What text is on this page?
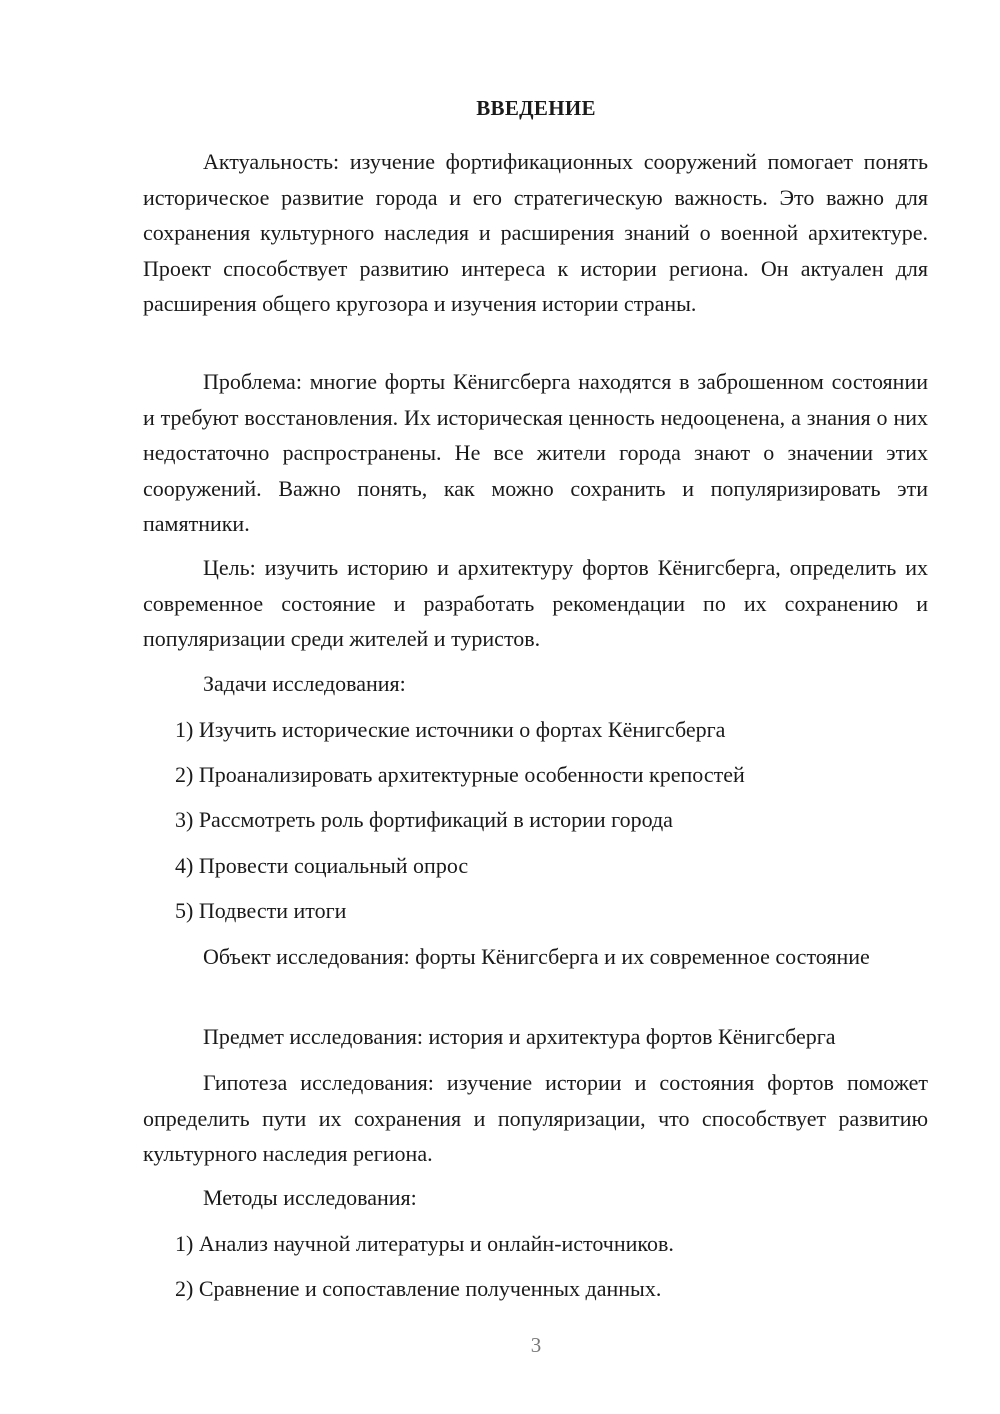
ВВЕДЕНИЕ

Актуальность: изучение фортификационных сооружений помогает понять историческое развитие города и его стратегическую важность. Это важно для сохранения культурного наследия и расширения знаний о военной архитектуре. Проект способствует развитию интереса к истории региона. Он актуален для расширения общего кругозора и изучения истории страны.

Проблема: многие форты Кёнигсберга находятся в заброшенном состоянии и требуют восстановления. Их историческая ценность недооценена, а знания о них недостаточно распространены. Не все жители города знают о значении этих сооружений. Важно понять, как можно сохранить и популяризировать эти памятники.

Цель: изучить историю и архитектуру фортов Кёнигсберга, определить их современное состояние и разработать рекомендации по их сохранению и популяризации среди жителей и туристов.

Задачи исследования:

1) Изучить исторические источники о фортах Кёнигсберга

2) Проанализировать архитектурные особенности крепостей

3) Рассмотреть роль фортификаций в истории города

4) Провести социальный опрос

5) Подвести итоги

Объект исследования: форты Кёнигсберга и их современное состояние

Предмет исследования: история и архитектура фортов Кёнигсберга

Гипотеза исследования: изучение истории и состояния фортов поможет определить пути их сохранения и популяризации, что способствует развитию культурного наследия региона.

Методы исследования:

1) Анализ научной литературы и онлайн-источников.

2) Сравнение и сопоставление полученных данных.

3
